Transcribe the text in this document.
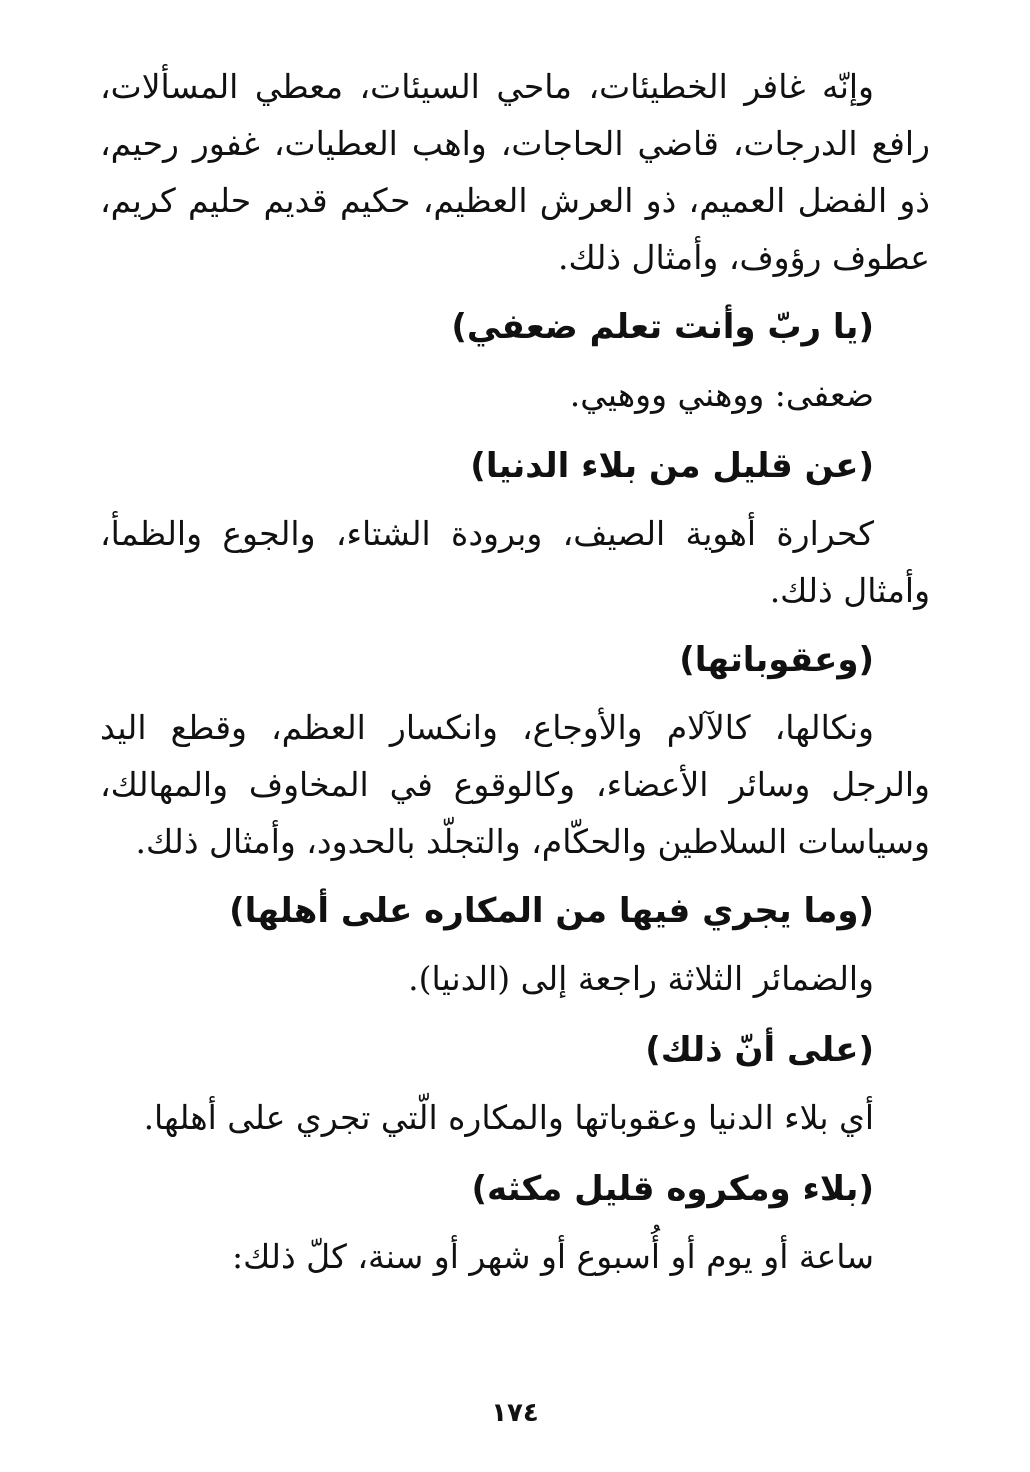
وإنّه غافر الخطيئات، ماحي السيئات، معطي المسألات، رافع الدرجات، قاضي الحاجات، واهب العطيات، غفور رحيم، ذو الفضل العميم، ذو العرش العظيم، حكيم قديم حليم كريم، عطوف رؤوف، وأمثال ذلك.

(يا ربّ وأنت تعلم ضعفي)
ضعفى: ووهني ووهيي.
(عن قليل من بلاء الدنيا)

كحرارة أهوية الصيف، وبرودة الشتاء، والجوع والظمأ، وأمثال ذلك.

(وعقوباتها)

ونكالها، كالآلام والأوجاع، وانكسار العظم، وقطع اليد والرجل وسائر الأعضاء، وكالوقوع في المخاوف والمهالك، وسياسات السلاطين والحكّام، والتجلّد بالحدود، وأمثال ذلك.

(وما يجري فيها من المكاره على أهلها)
والضمائر الثلاثة راجعة إلى (الدنيا).
(على أنّ ذلك)
أي بلاء الدنيا وعقوباتها والمكاره الّتي تجري على أهلها.
(بلاء ومكروه قليل مكثه)
ساعة أو يوم أو أُسبوع أو شهر أو سنة، كلّ ذلك:
١٧٤
